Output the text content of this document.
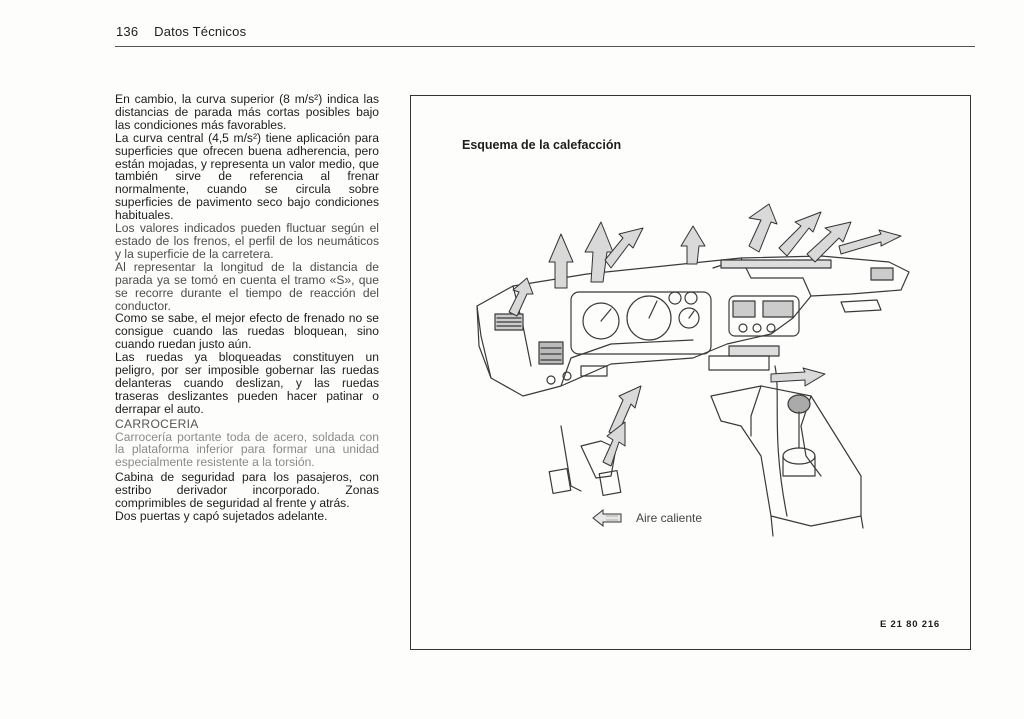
136 Datos Técnicos

En cambio, la curva superior (8 m/s²) indica las distancias de parada más cortas posibles bajo las condiciones más favorables.

La curva central (4,5 m/s²) tiene aplicación para superficies que ofrecen buena adherencia, pero están mojadas, y representa un valor medio, que también sirve de referencia al frenar normalmente, cuando se circula sobre superficies de pavimento seco bajo condiciones habituales.

Los valores indicados pueden fluctuar según el estado de los frenos, el perfil de los neumáticos y la superficie de la carretera.

Al representar la longitud de la distancia de parada ya se tomó en cuenta el tramo «S», que se recorre durante el tiempo de reacción del conductor.

Como se sabe, el mejor efecto de frenado no se consigue cuando las ruedas bloquean, sino cuando ruedan justo aún.

Las ruedas ya bloqueadas constituyen un peligro, por ser imposible gobernar las ruedas delanteras cuando deslizan, y las ruedas traseras deslizantes pueden hacer patinar o derrapar el auto.

CARROCERIA

Carrocería portante toda de acero, soldada con la plataforma inferior para formar una unidad especialmente resistente a la torsión.

Cabina de seguridad para los pasajeros, con estribo derivador incorporado. Zonas comprimibles de seguridad al frente y atrás.

Dos puertas y capó sujetados adelante.

Esquema de la calefacción
Aire caliente
E 21 80 216
